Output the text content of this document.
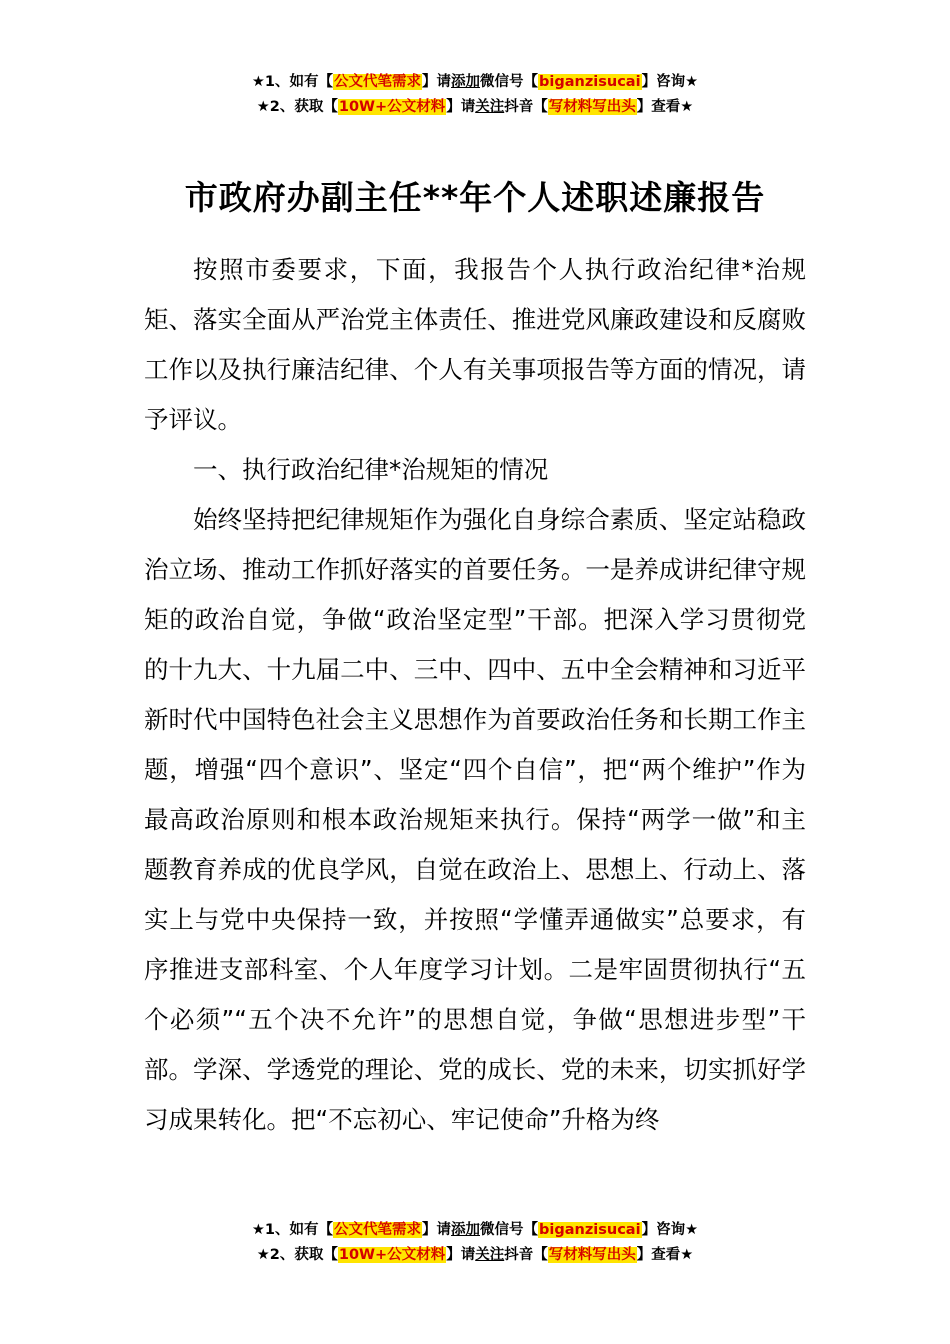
★1、如有【公文代笔需求】请添加微信号【biganzisucai】咨询★
★2、获取【10W+公文材料】请关注抖音【写材料写出头】查看★
市政府办副主任**年个人述职述廉报告

按照市委要求，下面，我报告个人执行政治纪律*治规矩、落实全面从严治党主体责任、推进党风廉政建设和反腐败工作以及执行廉洁纪律、个人有关事项报告等方面的情况，请予评议。

一、执行政治纪律*治规矩的情况

始终坚持把纪律规矩作为强化自身综合素质、坚定站稳政治立场、推动工作抓好落实的首要任务。一是养成讲纪律守规矩的政治自觉，争做“政治坚定型”干部。把深入学习贯彻党的十九大、十九届二中、三中、四中、五中全会精神和习近平新时代中国特色社会主义思想作为首要政治任务和长期工作主题，增强“四个意识”、坚定“四个自信”，把“两个维护”作为最高政治原则和根本政治规矩来执行。保持“两学一做”和主题教育养成的优良学风，自觉在政治上、思想上、行动上、落实上与党中央保持一致，并按照“学懂弄通做实”总要求，有序推进支部科室、个人年度学习计划。二是牢固贯彻执行“五个必须”“五个决不允许”的思想自觉，争做“思想进步型”干部。学深、学透党的理论、党的成长、党的未来，切实抓好学习成果转化。把“不忘初心、牢记使命”升格为终

★1、如有【公文代笔需求】请添加微信号【biganzisucai】咨询★
★2、获取【10W+公文材料】请关注抖音【写材料写出头】查看★
